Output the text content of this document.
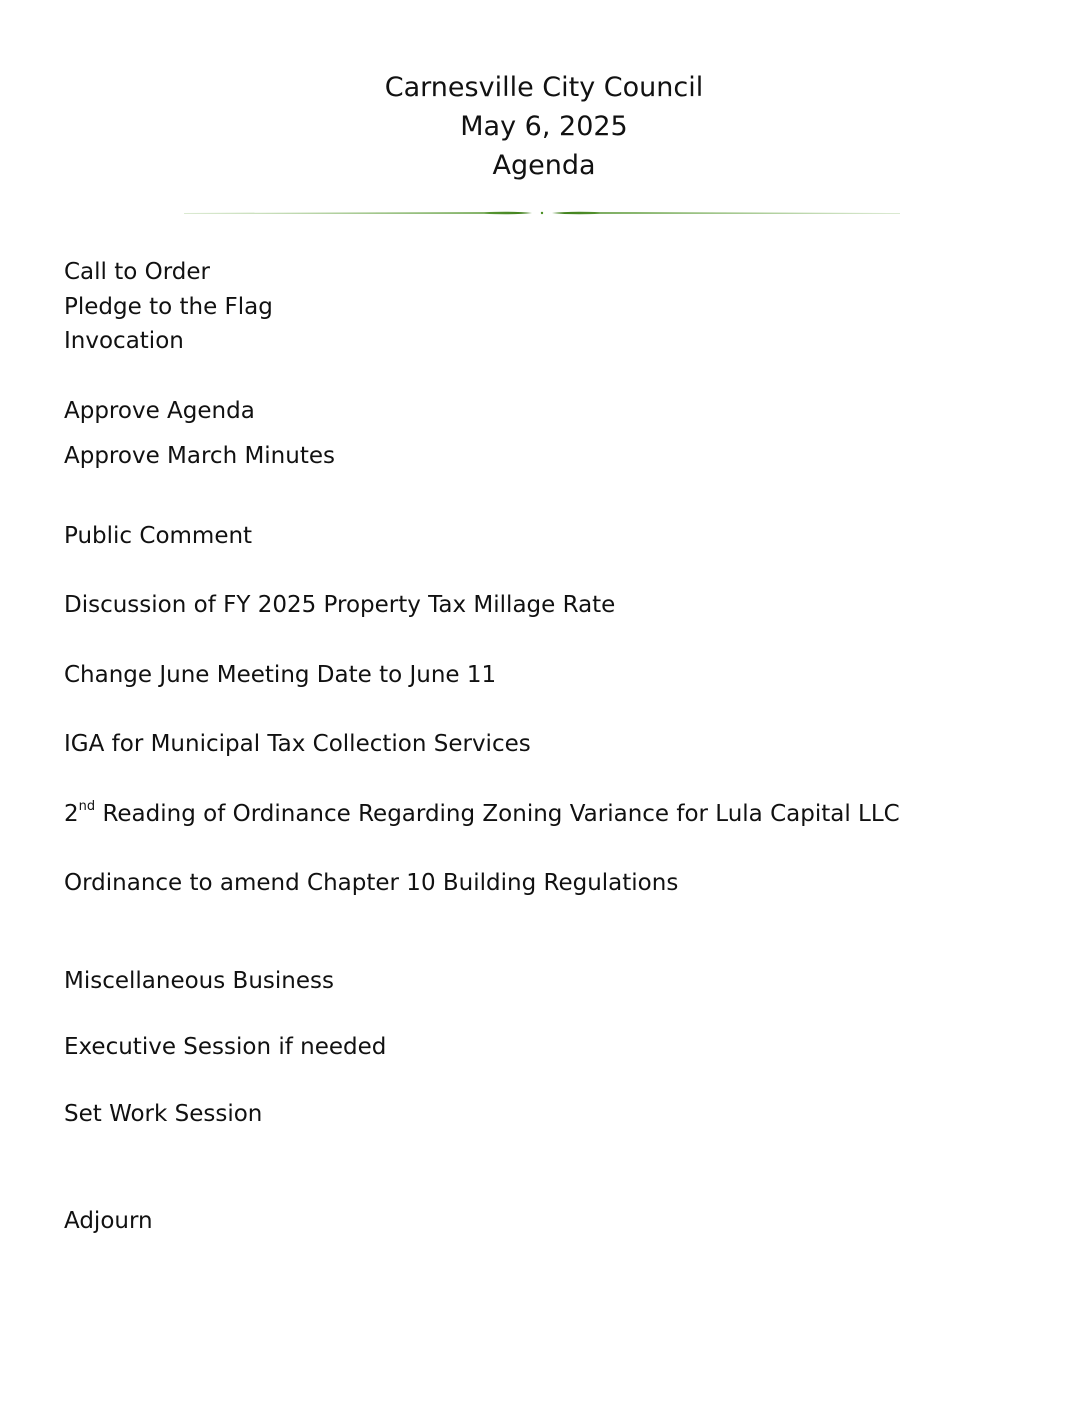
Carnesville City Council
May 6, 2025
Agenda
Call to Order
Pledge to the Flag
Invocation
Approve Agenda
Approve March Minutes
Public Comment
Discussion of FY 2025 Property Tax Millage Rate
Change June Meeting Date to June 11
IGA for Municipal Tax Collection Services
2nd Reading of Ordinance Regarding Zoning Variance for Lula Capital LLC
Ordinance to amend Chapter 10 Building Regulations
Miscellaneous Business
Executive Session if needed
Set Work Session
Adjourn
